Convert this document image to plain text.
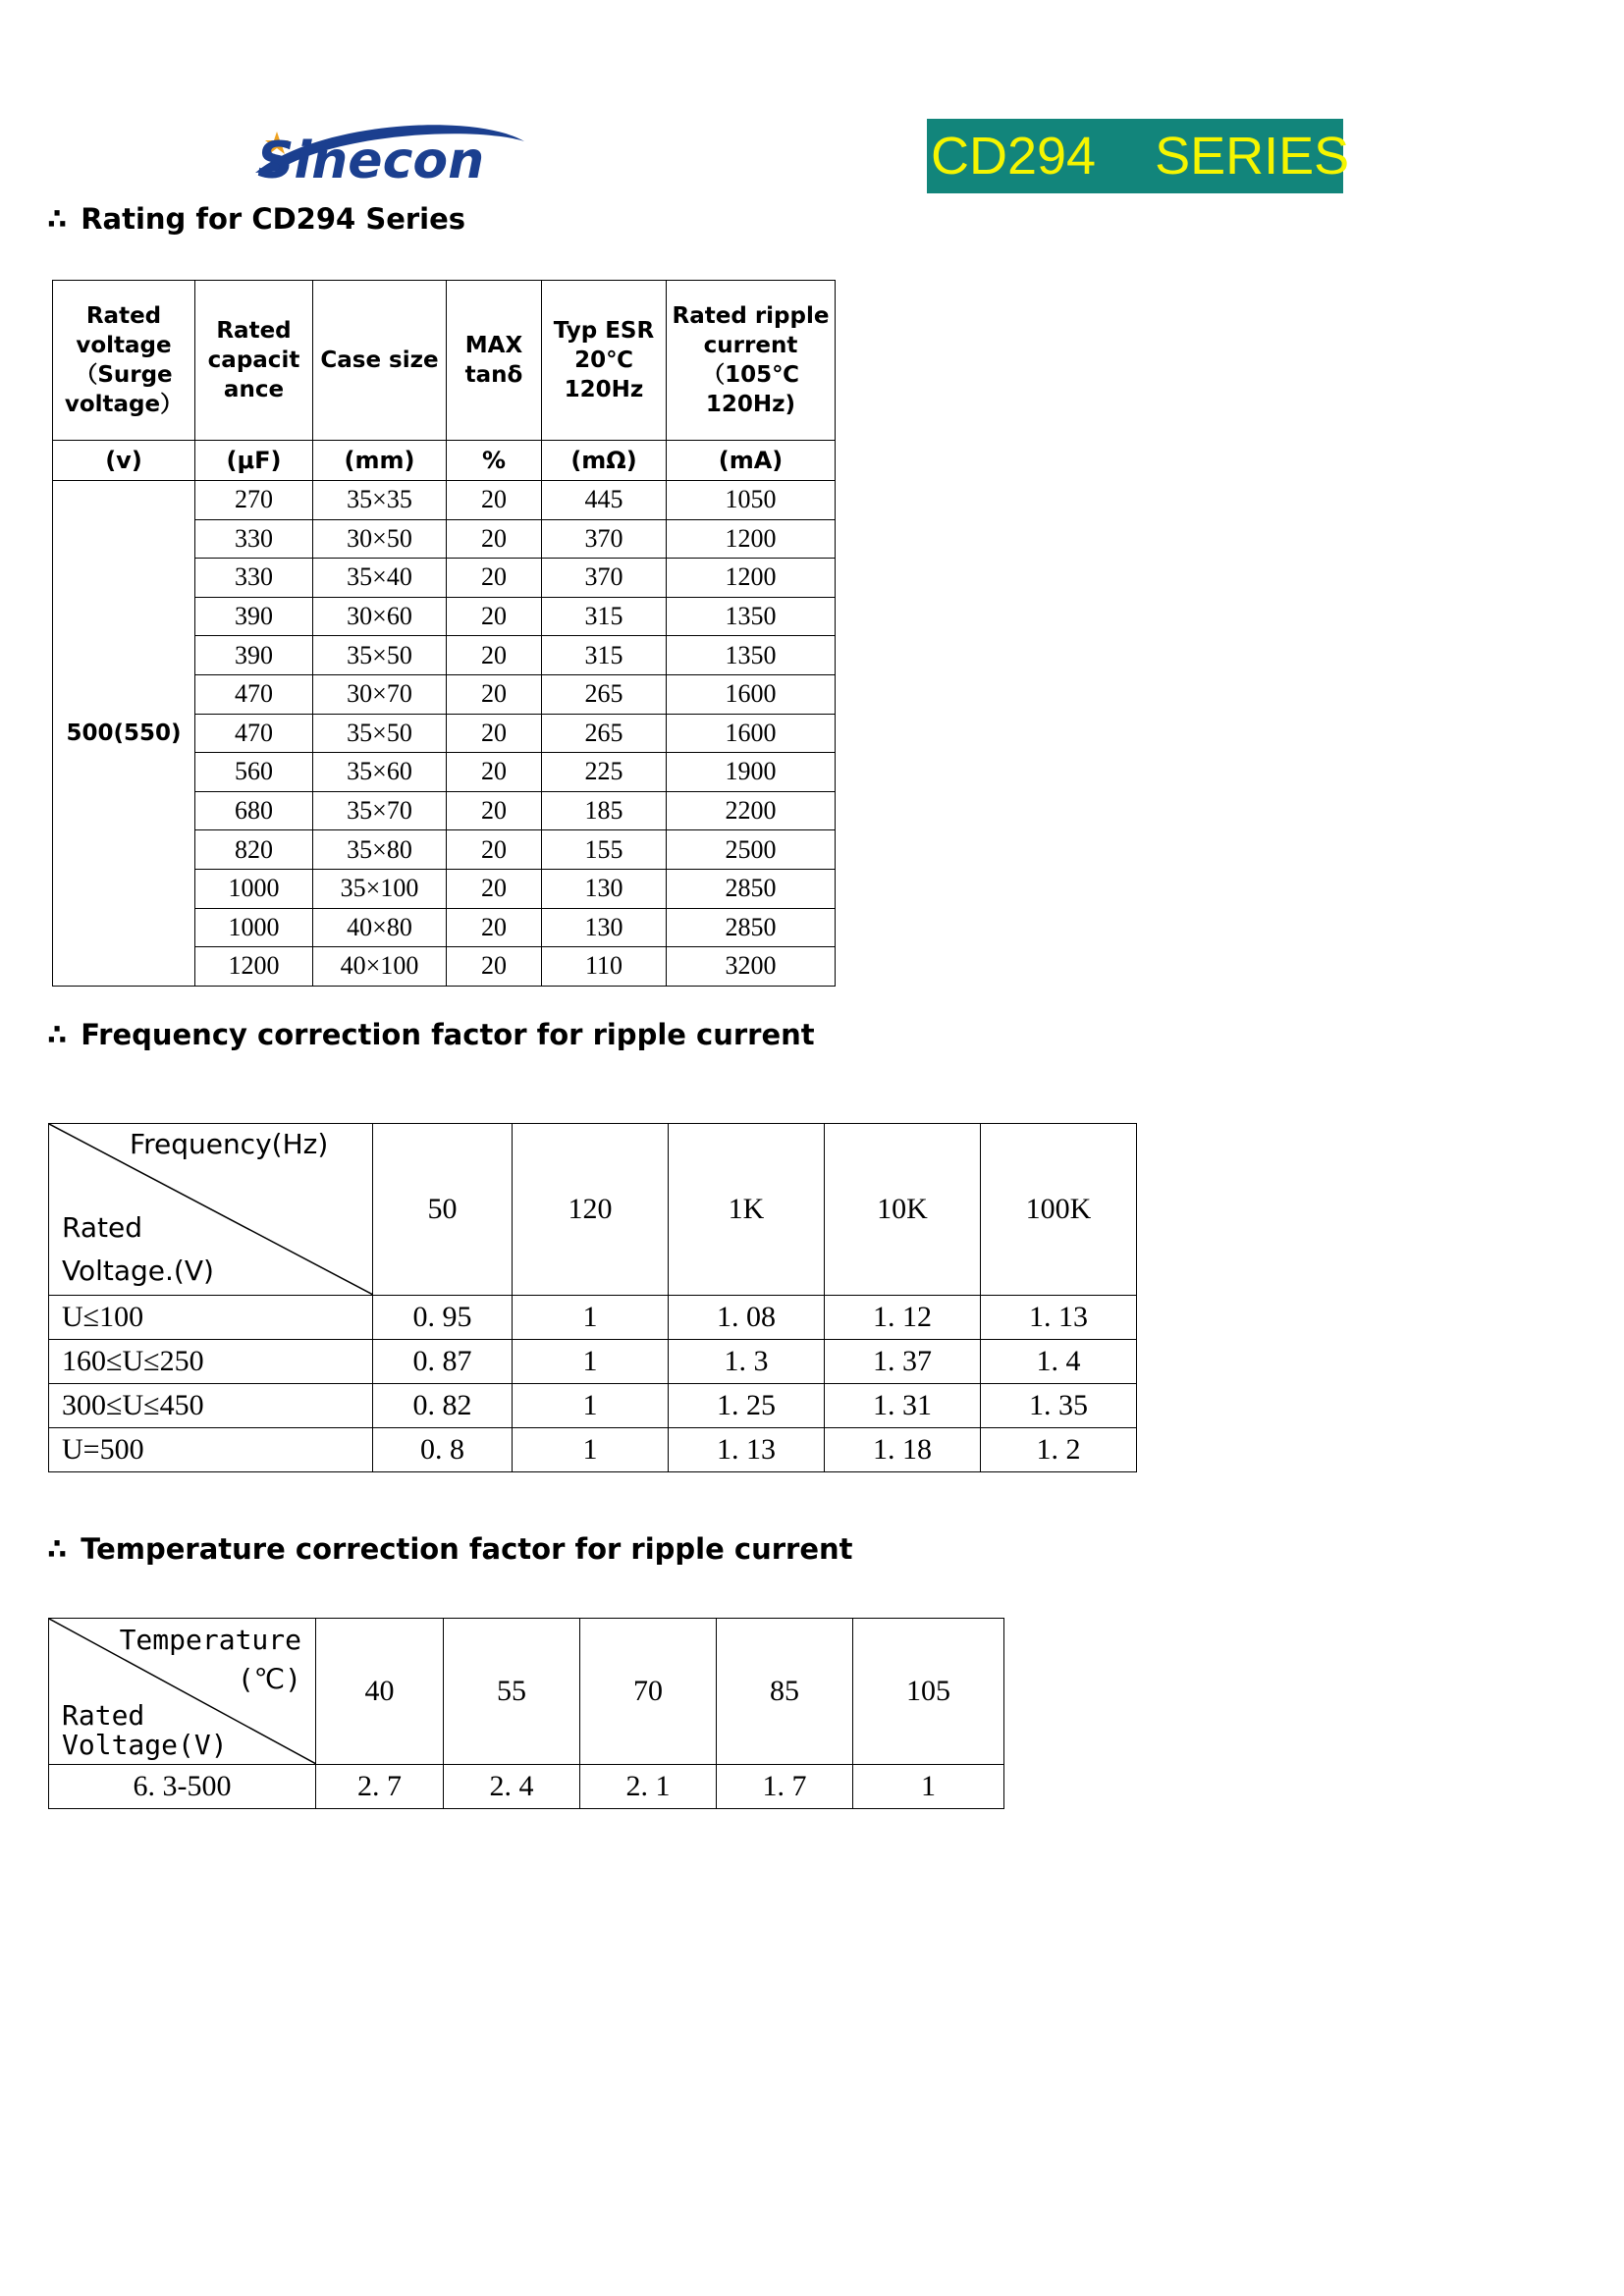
Sinecon	CD294    SERIES
∴ Rating for CD294 Series
Rated voltage（Surge voltage）	Rated capacit ance	Case size	MAX tanδ	Typ ESR 20℃ 120Hz	Rated ripple current （105℃ 120Hz)
(v)	(μF)	(mm)	%	(mΩ)	(mA)
500(550)	270	35×35	20	445	1050
	330	30×50	20	370	1200
	330	35×40	20	370	1200
	390	30×60	20	315	1350
	390	35×50	20	315	1350
	470	30×70	20	265	1600
	470	35×50	20	265	1600
	560	35×60	20	225	1900
	680	35×70	20	185	2200
	820	35×80	20	155	2500
	1000	35×100	20	130	2850
	1000	40×80	20	130	2850
	1200	40×100	20	110	3200
∴ Frequency correction factor for ripple current
Frequency(Hz)
Rated
Voltage.(V)	50	120	1K	10K	100K
U≤100	0. 95	1	1. 08	1. 12	1. 13
160≤U≤250	0. 87	1	1. 3	1. 37	1. 4
300≤U≤450	0. 82	1	1. 25	1. 31	1. 35
U=500	0. 8	1	1. 13	1. 18	1. 2
∴ Temperature correction factor for ripple current
Temperature
(℃)
Rated
Voltage(V)	40	55	70	85	105
6. 3-500	2. 7	2. 4	2. 1	1. 7	1
